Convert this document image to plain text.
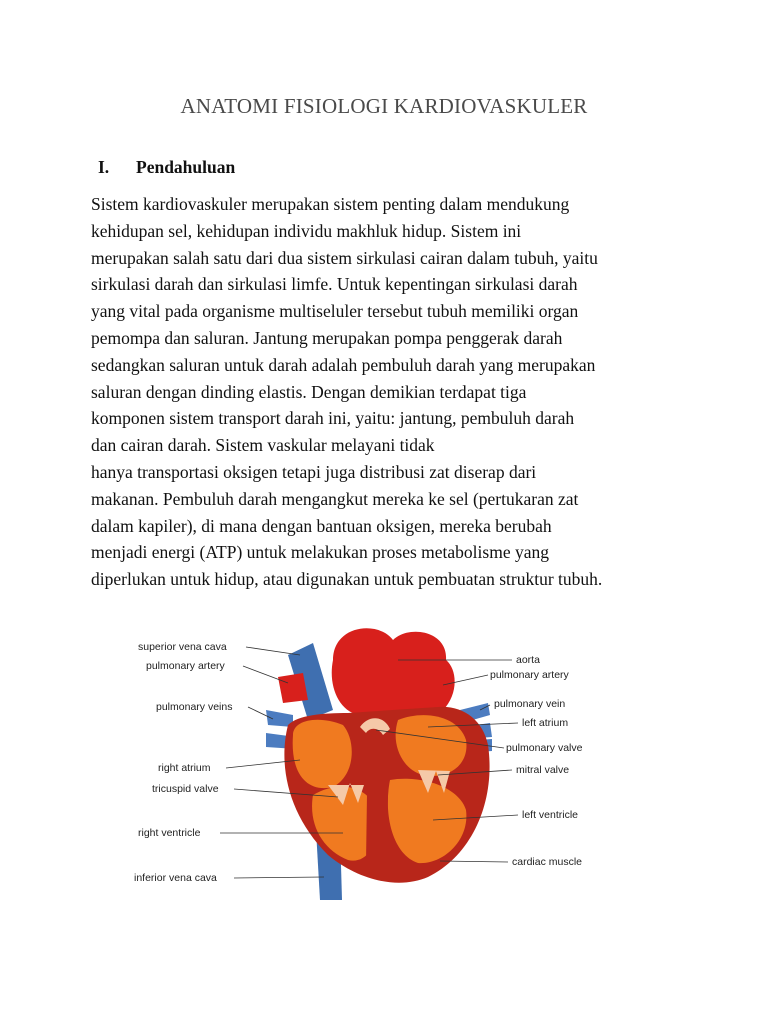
ANATOMI FISIOLOGI KARDIOVASKULER
I. Pendahuluan
Sistem kardiovaskuler merupakan sistem penting dalam mendukung
kehidupan sel, kehidupan individu makhluk hidup. Sistem ini
merupakan salah satu dari dua sistem sirkulasi cairan dalam tubuh, yaitu
sirkulasi darah dan sirkulasi limfe. Untuk kepentingan sirkulasi darah
yang vital pada organisme multiseluler tersebut tubuh memiliki organ
pemompa dan saluran. Jantung merupakan pompa penggerak darah
sedangkan saluran untuk darah adalah pembuluh darah yang merupakan
saluran dengan dinding elastis. Dengan demikian terdapat tiga
komponen sistem transport darah ini, yaitu: jantung, pembuluh darah
dan cairan darah. Sistem vaskular melayani tidak
hanya transportasi oksigen tetapi juga distribusi zat diserap dari
makanan. Pembuluh darah mengangkut mereka ke sel (pertukaran zat
dalam kapiler), di mana dengan bantuan oksigen, mereka berubah
menjadi energi (ATP) untuk melakukan proses metabolisme yang
diperlukan untuk hidup, atau digunakan untuk pembuatan struktur tubuh.
superior vena cava
pulmonary artery
pulmonary veins
right atrium
tricuspid valve
right ventricle
inferior vena cava
aorta
pulmonary artery
pulmonary vein
left atrium
pulmonary valve
mitral valve
left ventricle
cardiac muscle
